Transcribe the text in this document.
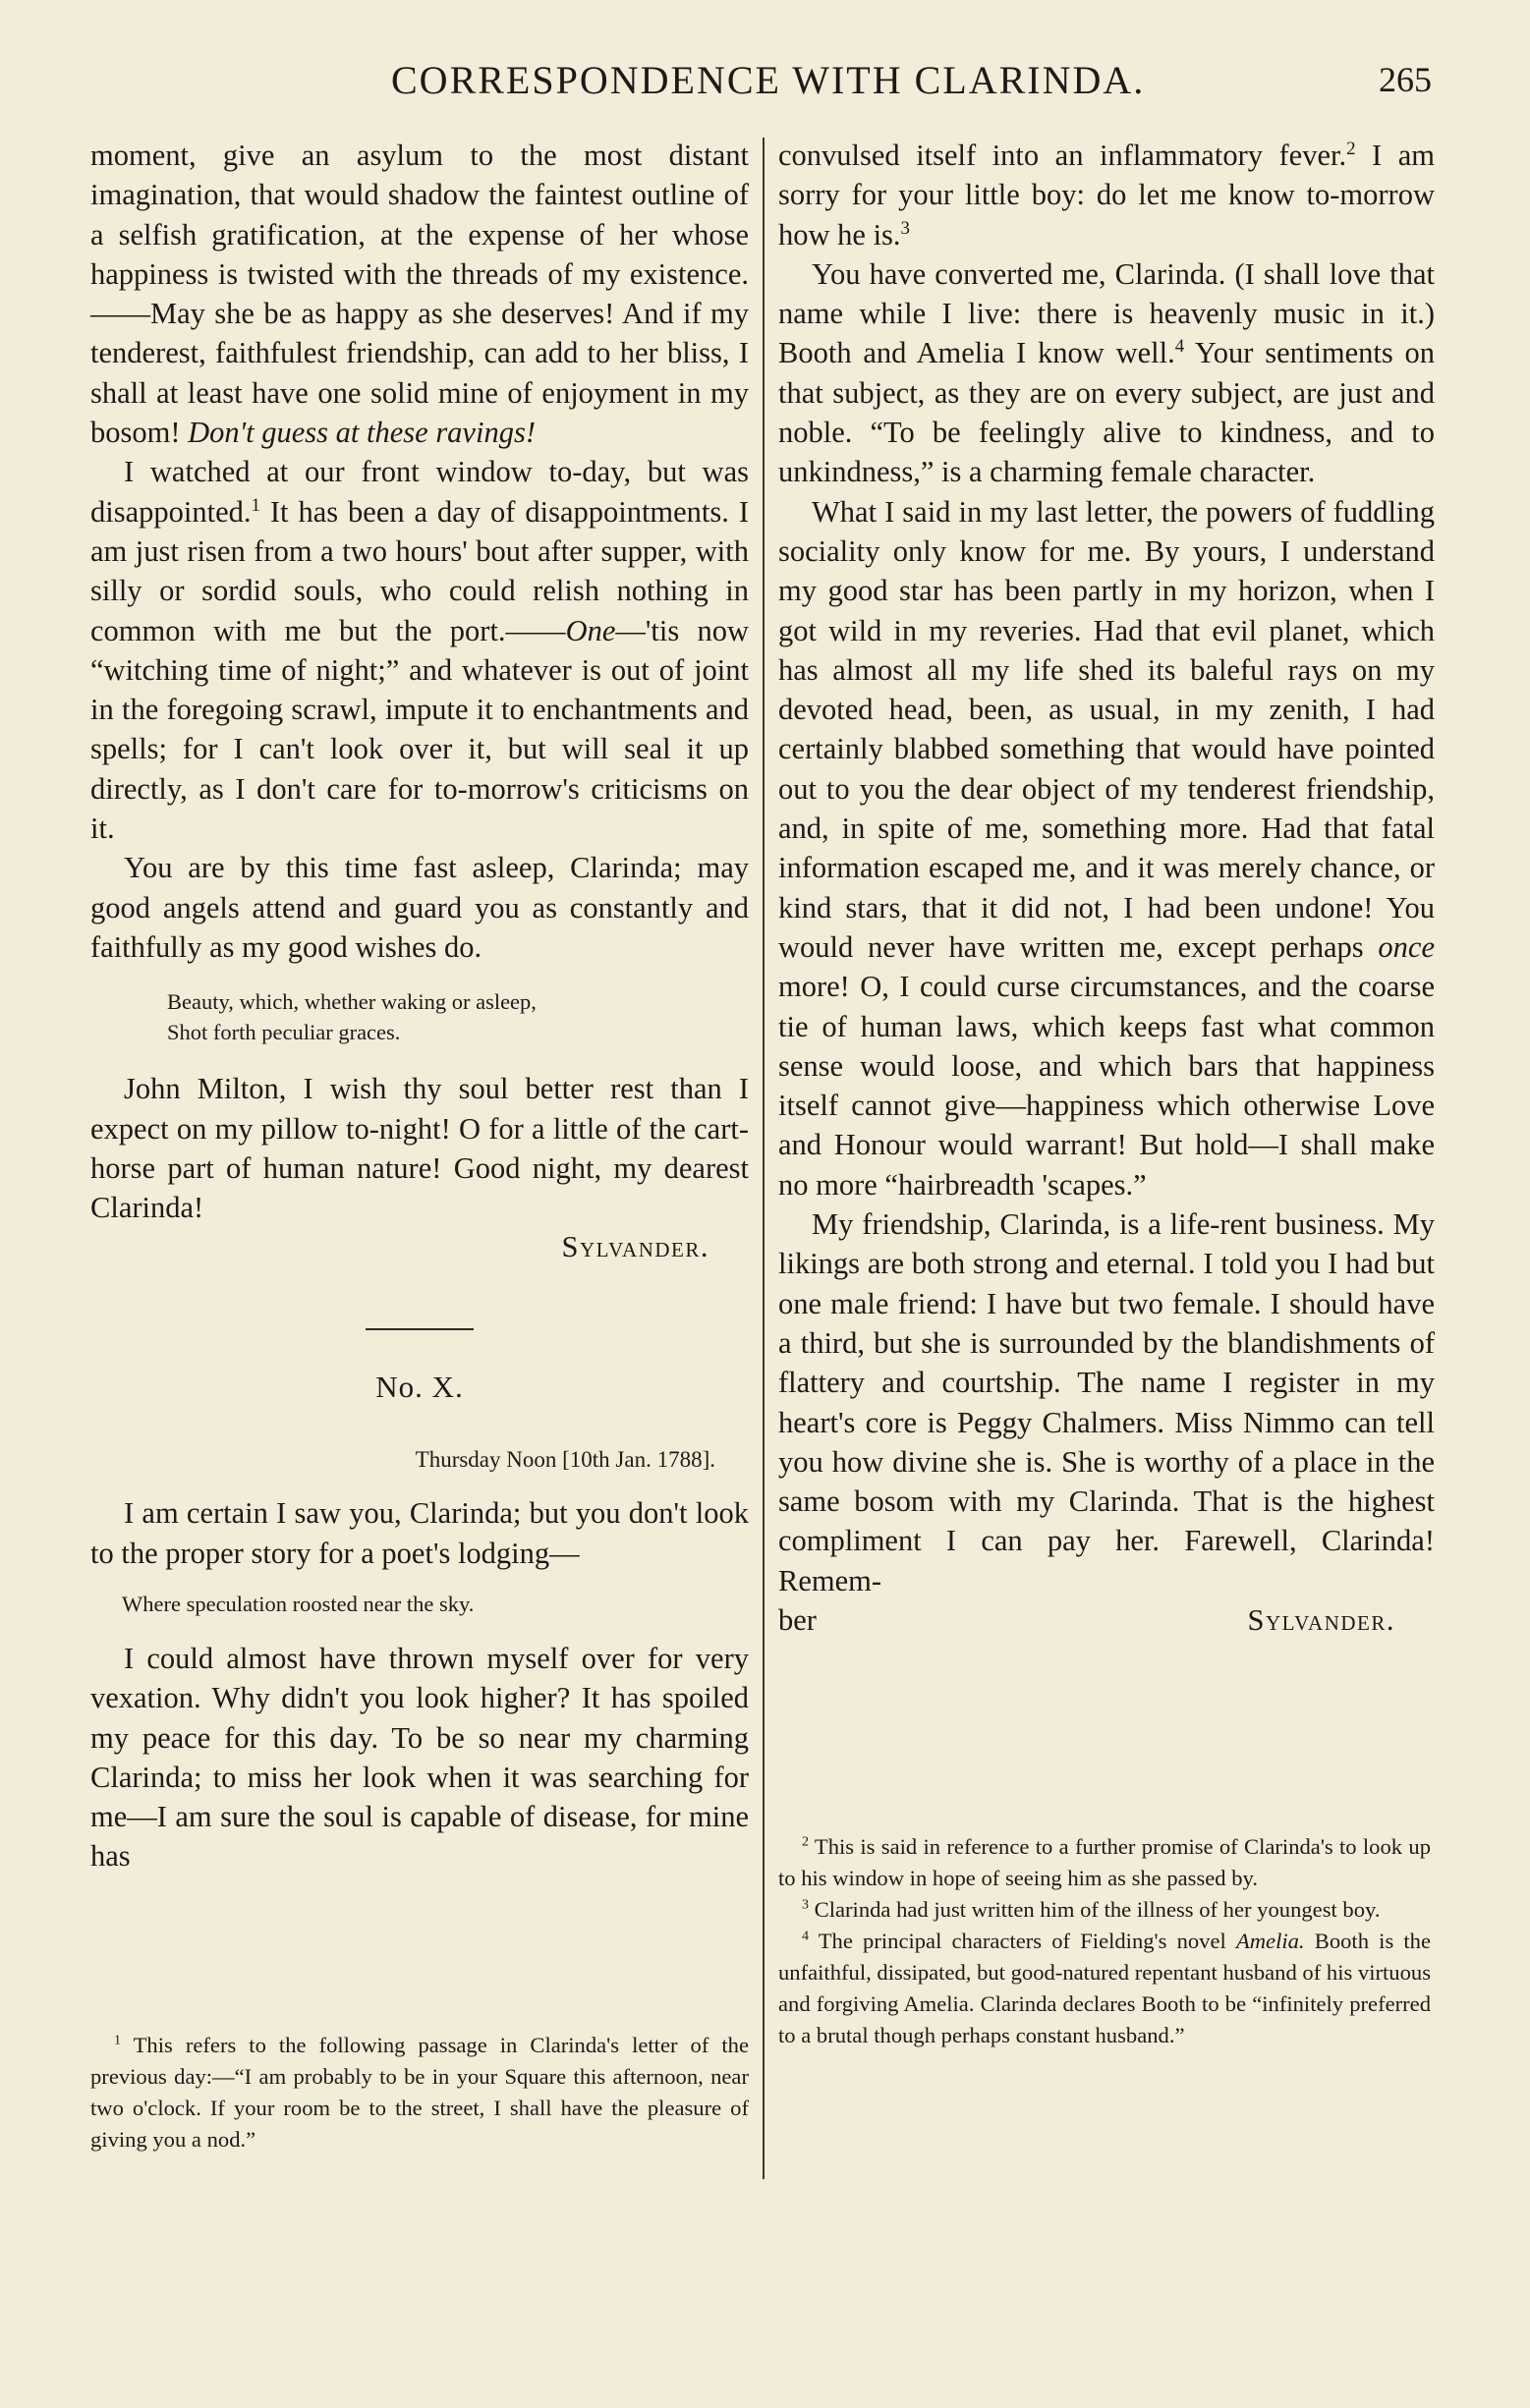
CORRESPONDENCE WITH CLARINDA.	265

moment, give an asylum to the most distant imagination, that would shadow the faintest outline of a selfish gratification, at the expense of her whose happiness is twisted with the threads of my existence.——May she be as happy as she deserves! And if my tenderest, faithfulest friendship, can add to her bliss, I shall at least have one solid mine of enjoyment in my bosom! Don't guess at these ravings!

I watched at our front window to-day, but was disappointed.$^1$ It has been a day of disappointments. I am just risen from a two hours' bout after supper, with silly or sordid souls, who could relish nothing in common with me but the port.——One—'tis now “witching time of night;” and whatever is out of joint in the foregoing scrawl, impute it to enchantments and spells; for I can't look over it, but will seal it up directly, as I don't care for to-morrow's criticisms on it.

You are by this time fast asleep, Clarinda; may good angels attend and guard you as constantly and faithfully as my good wishes do.

Beauty, which, whether waking or asleep,
Shot forth peculiar graces.

John Milton, I wish thy soul better rest than I expect on my pillow to-night! O for a little of the cart-horse part of human nature! Good night, my dearest Clarinda!

Sylvander.

No. X.

Thursday Noon [10th Jan. 1788].

I am certain I saw you, Clarinda; but you don't look to the proper story for a poet's lodging—

Where speculation roosted near the sky.

I could almost have thrown myself over for very vexation. Why didn't you look higher? It has spoiled my peace for this day. To be so near my charming Clarinda; to miss her look when it was searching for me—I am sure the soul is capable of disease, for mine has

$^1$ This refers to the following passage in Clarinda's letter of the previous day:—“I am probably to be in your Square this afternoon, near two o'clock. If your room be to the street, I shall have the pleasure of giving you a nod.”

convulsed itself into an inflammatory fever.$^2$ I am sorry for your little boy: do let me know to-morrow how he is.$^3$

You have converted me, Clarinda. (I shall love that name while I live: there is heavenly music in it.) Booth and Amelia I know well.$^4$ Your sentiments on that subject, as they are on every subject, are just and noble. “To be feelingly alive to kindness, and to unkindness,” is a charming female character.

What I said in my last letter, the powers of fuddling sociality only know for me. By yours, I understand my good star has been partly in my horizon, when I got wild in my reveries. Had that evil planet, which has almost all my life shed its baleful rays on my devoted head, been, as usual, in my zenith, I had certainly blabbed something that would have pointed out to you the dear object of my tenderest friendship, and, in spite of me, something more. Had that fatal information escaped me, and it was merely chance, or kind stars, that it did not, I had been undone! You would never have written me, except perhaps once more! O, I could curse circumstances, and the coarse tie of human laws, which keeps fast what common sense would loose, and which bars that happiness itself cannot give—happiness which otherwise Love and Honour would warrant! But hold—I shall make no more “hairbreadth 'scapes.”

My friendship, Clarinda, is a life-rent business. My likings are both strong and eternal. I told you I had but one male friend: I have but two female. I should have a third, but she is surrounded by the blandishments of flattery and courtship. The name I register in my heart's core is Peggy Chalmers. Miss Nimmo can tell you how divine she is. She is worthy of a place in the same bosom with my Clarinda. That is the highest compliment I can pay her. Farewell, Clarinda! Remem-

ber	Sylvander.

$^2$ This is said in reference to a further promise of Clarinda's to look up to his window in hope of seeing him as she passed by.

$^3$ Clarinda had just written him of the illness of her youngest boy.

$^4$ The principal characters of Fielding's novel Amelia. Booth is the unfaithful, dissipated, but good-natured repentant husband of his virtuous and forgiving Amelia. Clarinda declares Booth to be “infinitely preferred to a brutal though perhaps constant husband.”
